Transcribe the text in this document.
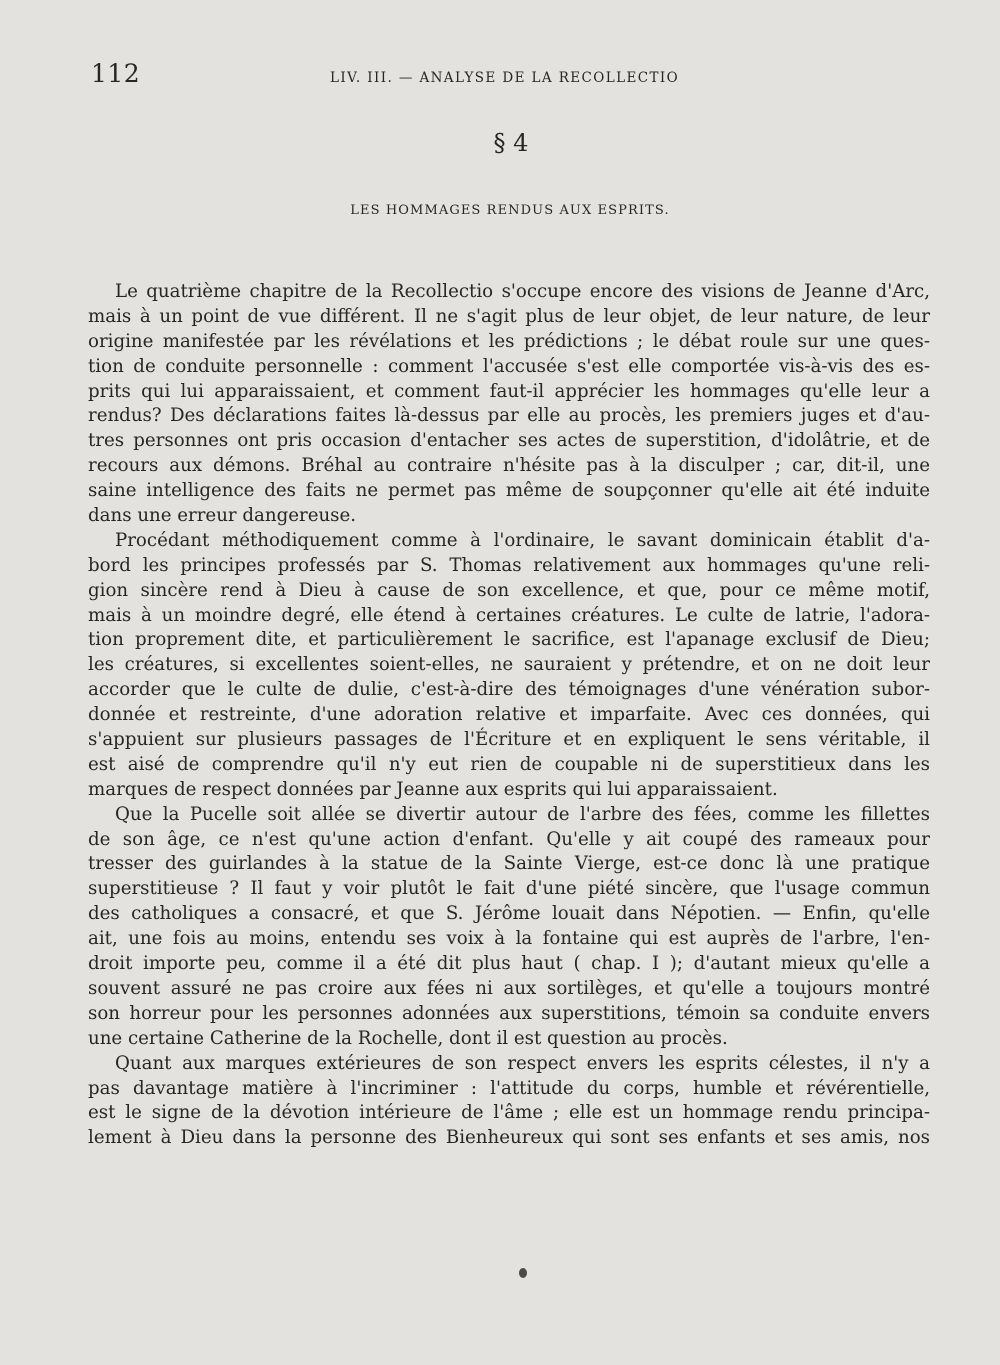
112	LIV. III. — ANALYSE DE LA RECOLLECTIO
§ 4
LES HOMMAGES RENDUS AUX ESPRITS.
Le quatrième chapitre de la Recollectio s'occupe encore des visions de Jeanne d'Arc,
mais à un point de vue différent. Il ne s'agit plus de leur objet, de leur nature, de leur
origine manifestée par les révélations et les prédictions ; le débat roule sur une ques-
tion de conduite personnelle : comment l'accusée s'est elle comportée vis-à-vis des es-
prits qui lui apparaissaient, et comment faut-il apprécier les hommages qu'elle leur a
rendus? Des déclarations faites là-dessus par elle au procès, les premiers juges et d'au-
tres personnes ont pris occasion d'entacher ses actes de superstition, d'idolâtrie, et de
recours aux démons. Bréhal au contraire n'hésite pas à la disculper ; car, dit-il, une
saine intelligence des faits ne permet pas même de soupçonner qu'elle ait été induite
dans une erreur dangereuse.
Procédant méthodiquement comme à l'ordinaire, le savant dominicain établit d'a-
bord les principes professés par S. Thomas relativement aux hommages qu'une reli-
gion sincère rend à Dieu à cause de son excellence, et que, pour ce même motif,
mais à un moindre degré, elle étend à certaines créatures. Le culte de latrie, l'adora-
tion proprement dite, et particulièrement le sacrifice, est l'apanage exclusif de Dieu;
les créatures, si excellentes soient-elles, ne sauraient y prétendre, et on ne doit leur
accorder que le culte de dulie, c'est-à-dire des témoignages d'une vénération subor-
donnée et restreinte, d'une adoration relative et imparfaite. Avec ces données, qui
s'appuient sur plusieurs passages de l'Écriture et en expliquent le sens véritable, il
est aisé de comprendre qu'il n'y eut rien de coupable ni de superstitieux dans les
marques de respect données par Jeanne aux esprits qui lui apparaissaient.
Que la Pucelle soit allée se divertir autour de l'arbre des fées, comme les fillettes
de son âge, ce n'est qu'une action d'enfant. Qu'elle y ait coupé des rameaux pour
tresser des guirlandes à la statue de la Sainte Vierge, est-ce donc là une pratique
superstitieuse ? Il faut y voir plutôt le fait d'une piété sincère, que l'usage commun
des catholiques a consacré, et que S. Jérôme louait dans Népotien. — Enfin, qu'elle
ait, une fois au moins, entendu ses voix à la fontaine qui est auprès de l'arbre, l'en-
droit importe peu, comme il a été dit plus haut ( chap. I ); d'autant mieux qu'elle a
souvent assuré ne pas croire aux fées ni aux sortilèges, et qu'elle a toujours montré
son horreur pour les personnes adonnées aux superstitions, témoin sa conduite envers
une certaine Catherine de la Rochelle, dont il est question au procès.
Quant aux marques extérieures de son respect envers les esprits célestes, il n'y a
pas davantage matière à l'incriminer : l'attitude du corps, humble et révérentielle,
est le signe de la dévotion intérieure de l'âme ; elle est un hommage rendu principa-
lement à Dieu dans la personne des Bienheureux qui sont ses enfants et ses amis, nos
